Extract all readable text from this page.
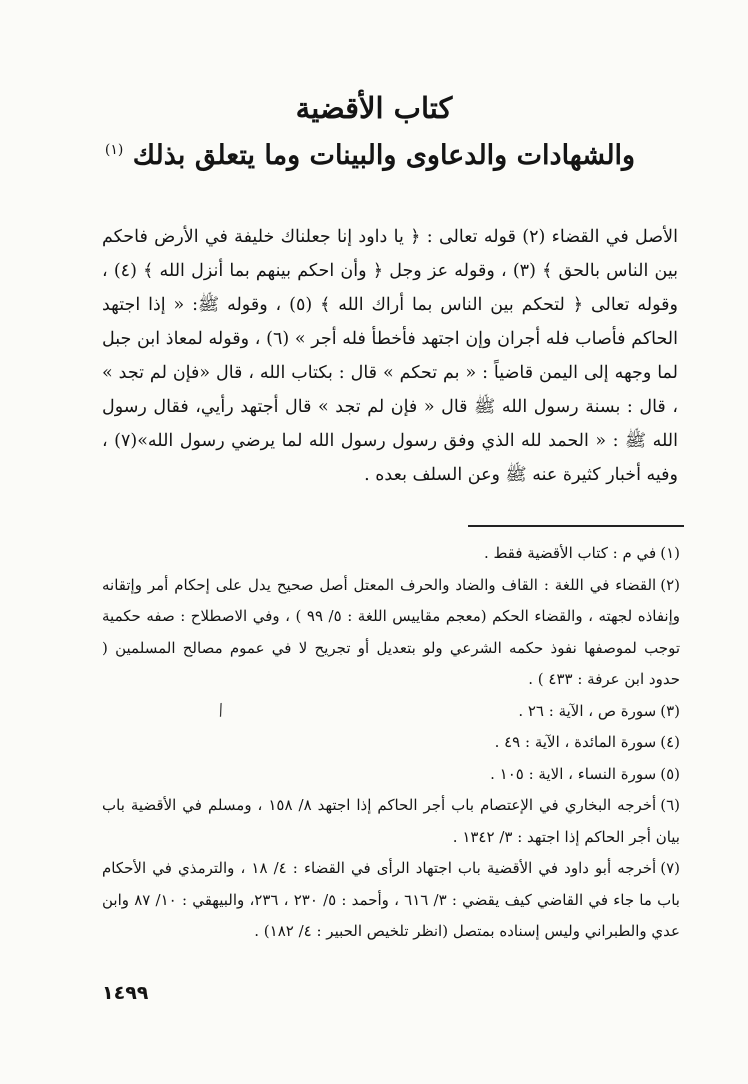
كتاب الأقضية
والشهادات والدعاوى والبينات وما يتعلق بذلك $^{(١)}$

الأصل في القضاء (٢) قوله تعالى : ﴿ يا داود إنا جعلناك خليفة في الأرض فاحكم بين الناس بالحق ﴾ (٣) ، وقوله عز وجل ﴿ وأن احكم بينهم بما أنزل الله ﴾ (٤) ، وقوله تعالى ﴿ لتحكم بين الناس بما أراك الله ﴾ (٥) ، وقوله ﷺ: « إذا اجتهد الحاكم فأصاب فله أجران وإن اجتهد فأخطأ فله أجر » (٦) ، وقوله لمعاذ ابن جبل لما وجهه إلى اليمن قاضياً : « بم تحكم » قال : بكتاب الله ، قال «فإن لم تجد » ، قال : بسنة رسول الله ﷺ قال « فإن لم تجد » قال أجتهد رأيي، فقال رسول الله ﷺ : « الحمد لله الذي وفق رسول رسول الله لما يرضي رسول الله»(٧) ، وفيه أخبار كثيرة عنه ﷺ وعن السلف بعده .

(١)في م : كتاب الأقضية فقط .

(٢)القضاء في اللغة : القاف والضاد والحرف المعتل أصل صحيح يدل على إحكام أمر وإتقانه وإنفاذه لجهته ، والقضاء الحكم (معجم مقاييس اللغة : ٥/ ٩٩ ) ، وفي الاصطلاح : صفه حكمية توجب لموصفها نفوذ حكمه الشرعي ولو بتعديل أو تجريح لا في عموم مصالح المسلمين ( حدود ابن عرفة : ٤٣٣ ) .

(٣)سورة ص ، الآية : ٢٦ .

(٤)سورة المائدة ، الآية : ٤٩ .

(٥)سورة النساء ، الاية : ١٠٥ .

(٦)أخرجه البخاري في الإعتصام باب أجر الحاكم إذا اجتهد ٨/ ١٥٨ ، ومسلم في الأقضية باب بيان أجر الحاكم إذا اجتهد : ٣/ ١٣٤٢ .

(٧)أخرجه أبو داود في الأقضية باب اجتهاد الرأى في القضاء : ٤/ ١٨ ، والترمذي في الأحكام باب ما جاء في القاضي كيف يقضي : ٣/ ٦١٦ ، وأحمد : ٥/ ٢٣٠ ، ٢٣٦، والبيهقي : ١٠/ ٨٧ وابن عدي والطبراني وليس إسناده بمتصل (انظر تلخيص الحبير : ٤/ ١٨٢) .

/
١٤٩٩
